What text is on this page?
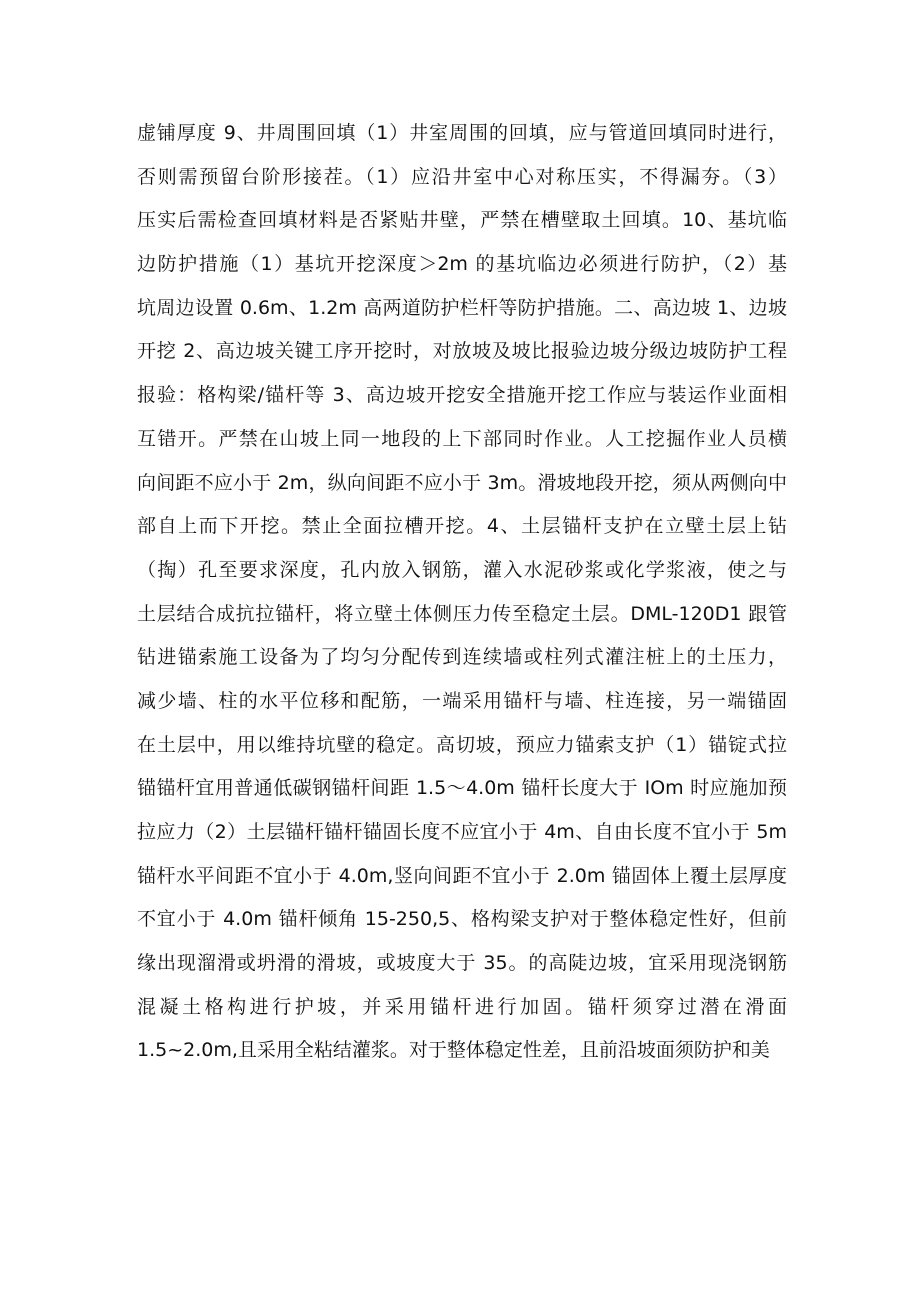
虚铺厚度 9、井周围回填（1）井室周围的回填，应与管道回填同时进行，
否则需预留台阶形接茬。（1）应沿井室中心对称压实，不得漏夯。（3）
压实后需检查回填材料是否紧贴井壁，严禁在槽壁取土回填。10、基坑临
边防护措施（1）基坑开挖深度＞2m 的基坑临边必须进行防护，（2）基
坑周边设置 0.6m、1.2m 高两道防护栏杆等防护措施。二、高边坡 1、边坡
开挖 2、高边坡关键工序开挖时，对放坡及坡比报验边坡分级边坡防护工程
报验：格构梁/锚杆等 3、高边坡开挖安全措施开挖工作应与装运作业面相
互错开。严禁在山坡上同一地段的上下部同时作业。人工挖掘作业人员横
向间距不应小于 2m，纵向间距不应小于 3m。滑坡地段开挖，须从两侧向中
部自上而下开挖。禁止全面拉槽开挖。4、土层锚杆支护在立壁土层上钻
（掏）孔至要求深度，孔内放入钢筋，灌入水泥砂浆或化学浆液，使之与
土层结合成抗拉锚杆，将立壁土体侧压力传至稳定土层。DML-120D1 跟管
钻进锚索施工设备为了均匀分配传到连续墙或柱列式灌注桩上的土压力，
减少墙、柱的水平位移和配筋，一端采用锚杆与墙、柱连接，另一端锚固
在土层中，用以维持坑壁的稳定。高切坡，预应力锚索支护（1）锚锭式拉
锚锚杆宜用普通低碳钢锚杆间距 1.5～4.0m 锚杆长度大于 IOm 时应施加预
拉应力（2）土层锚杆锚杆锚固长度不应宜小于 4m、自由长度不宜小于 5m
锚杆水平间距不宜小于 4.0m,竖向间距不宜小于 2.0m 锚固体上覆土层厚度
不宜小于 4.0m 锚杆倾角 15-250,5、格构梁支护对于整体稳定性好，但前
缘出现溜滑或坍滑的滑坡，或坡度大于 35。的高陡边坡，宜采用现浇钢筋
混凝土格构进行护坡，并采用锚杆进行加固。锚杆须穿过潜在滑面
1.5~2.0m,且采用全粘结灌浆。对于整体稳定性差，且前沿坡面须防护和美
